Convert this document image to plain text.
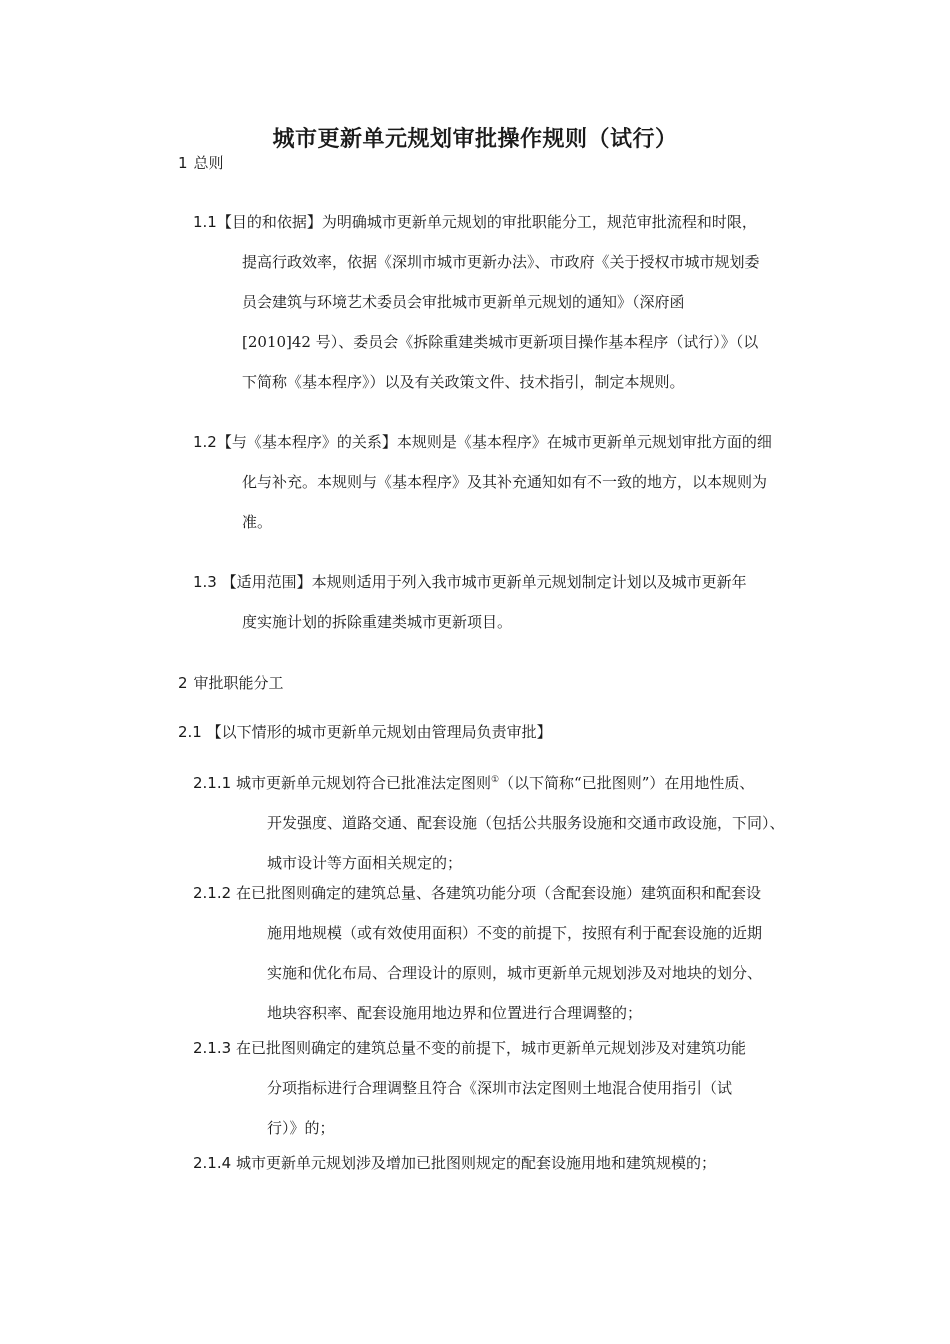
城市更新单元规划审批操作规则（试行）
1 总则
1.1【目的和依据】为明确城市更新单元规划的审批职能分工，规范审批流程和时限，
提高行政效率，依据《深圳市城市更新办法》、市政府《关于授权市城市规划委
员会建筑与环境艺术委员会审批城市更新单元规划的通知》（深府函
[2010]42 号）、委员会《拆除重建类城市更新项目操作基本程序（试行）》（以
下简称《基本程序》）以及有关政策文件、技术指引，制定本规则。
1.2【与《基本程序》的关系】本规则是《基本程序》在城市更新单元规划审批方面的细
化与补充。本规则与《基本程序》及其补充通知如有不一致的地方，以本规则为
准。
1.3 【适用范围】本规则适用于列入我市城市更新单元规划制定计划以及城市更新年
度实施计划的拆除重建类城市更新项目。
2 审批职能分工
2.1 【以下情形的城市更新单元规划由管理局负责审批】
2.1.1 城市更新单元规划符合已批准法定图则①（以下简称“已批图则”）在用地性质、
开发强度、道路交通、配套设施（包括公共服务设施和交通市政设施，下同）、
城市设计等方面相关规定的；
2.1.2 在已批图则确定的建筑总量、各建筑功能分项（含配套设施）建筑面积和配套设
施用地规模（或有效使用面积）不变的前提下，按照有利于配套设施的近期
实施和优化布局、合理设计的原则，城市更新单元规划涉及对地块的划分、
地块容积率、配套设施用地边界和位置进行合理调整的；
2.1.3 在已批图则确定的建筑总量不变的前提下，城市更新单元规划涉及对建筑功能
分项指标进行合理调整且符合《深圳市法定图则土地混合使用指引（试
行）》的；
2.1.4 城市更新单元规划涉及增加已批图则规定的配套设施用地和建筑规模的；
